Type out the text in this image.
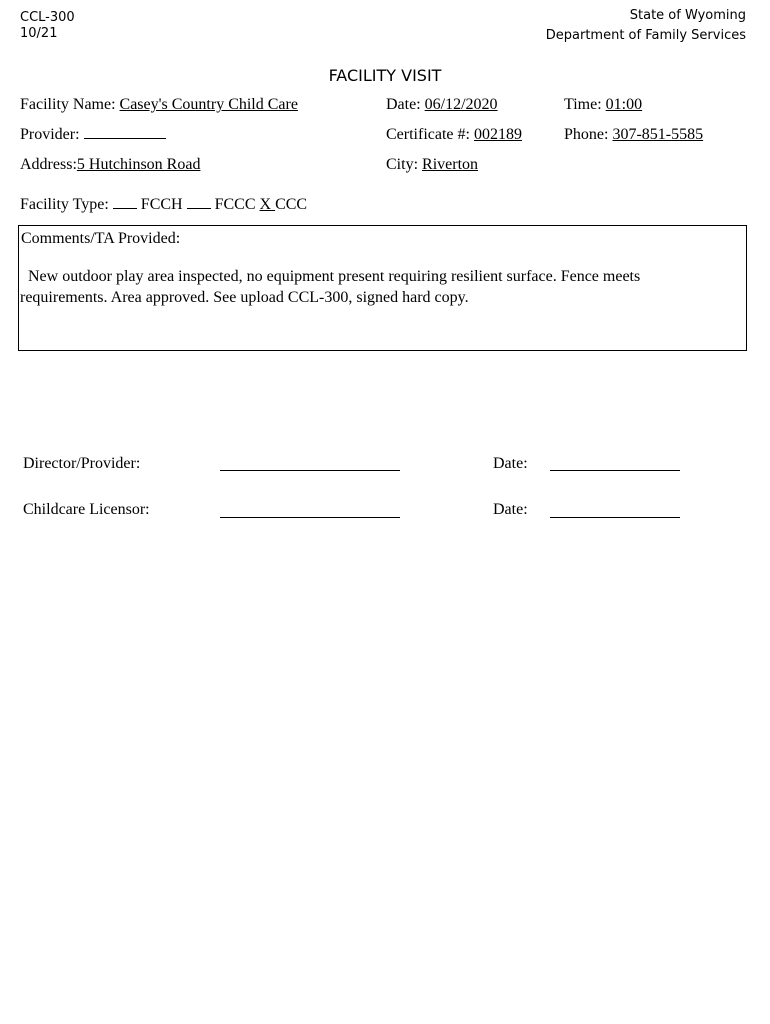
CCL-300
10/21
State of Wyoming
Department of Family Services
FACILITY VISIT
Facility Name: Casey's Country Child Care	Date: 06/12/2020	Time: 01:00
Provider:	Certificate #: 002189	Phone: 307-851-5585
Address:5 Hutchinson Road	City: Riverton
Facility Type: FCCH FCCC X CCC
Comments/TA Provided:
New outdoor play area inspected, no equipment present requiring resilient surface. Fence meets
requirements. Area approved. See upload CCL-300, signed hard copy.
Director/Provider:	Date:
Childcare Licensor:	Date:
